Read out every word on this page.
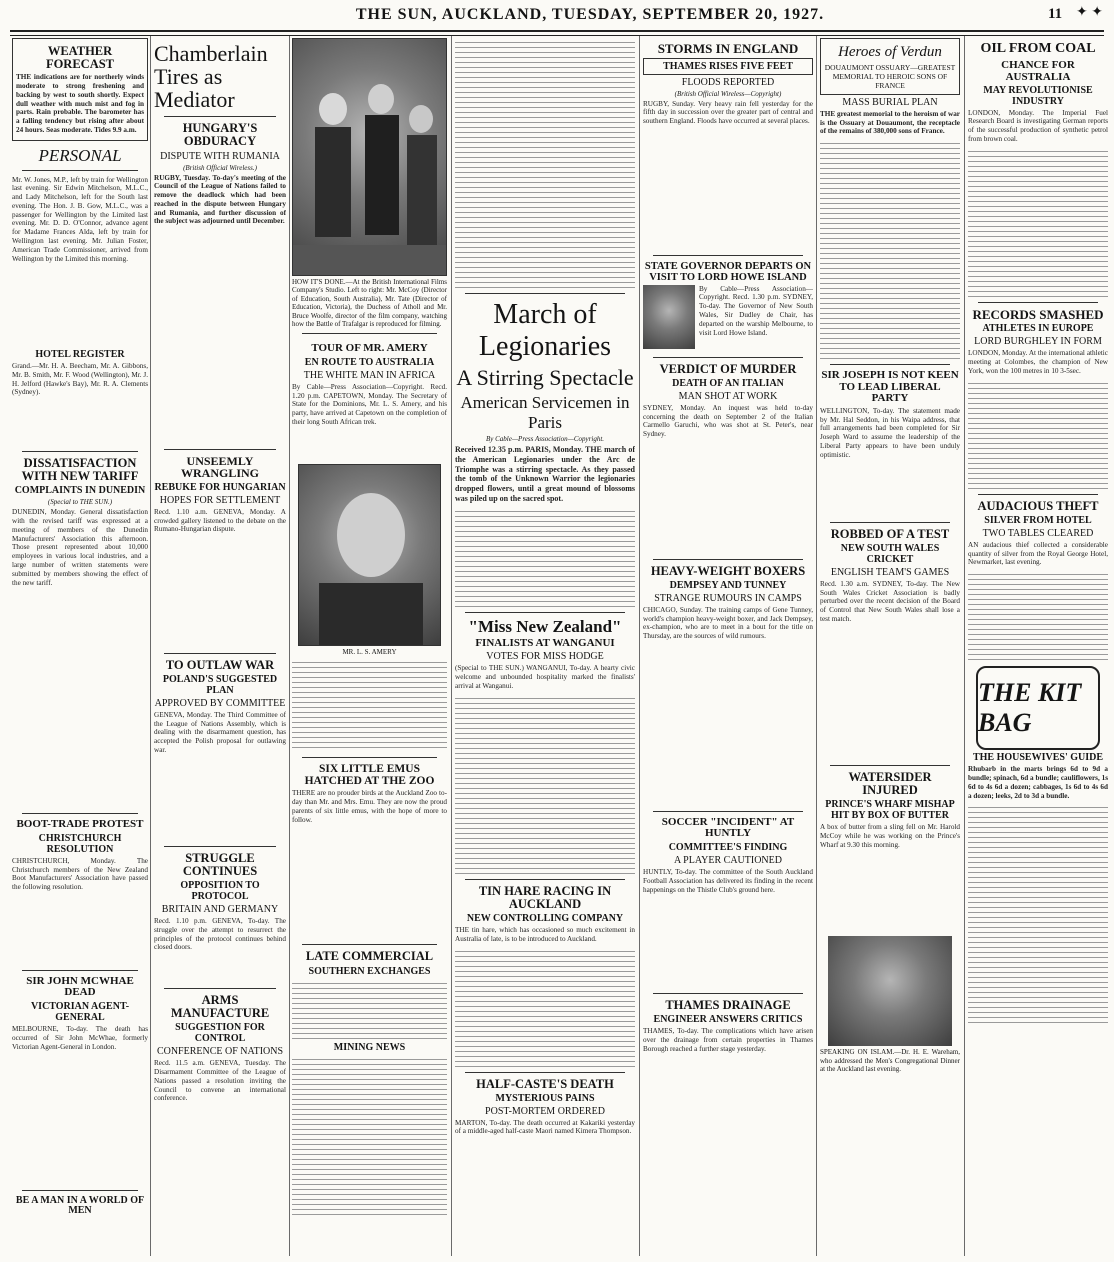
THE SUN, AUCKLAND, TUESDAY, SEPTEMBER 20, 1927.	11 ✦ ✦
WEATHER FORECAST
THE indications are for northerly winds moderate to strong freshening and backing by west to south shortly. Expect dull weather with much mist and fog in parts. Rain probable. The barometer has a falling tendency but rising after about 24 hours. Seas moderate. Tides 9.9 a.m.
PERSONAL
Mr. W. Jones, M.P., left by train for Wellington last evening. Sir Edwin Mitchelson, M.L.C., and Lady Mitchelson, left for the South last evening. The Hon. J. B. Gow, M.L.C., was a passenger for Wellington by the Limited last evening. Mr. D. D. O'Connor, advance agent for Madame Frances Alda, left by train for Wellington last evening. Mr. Julian Foster, American Trade Commissioner, arrived from Wellington by the Limited this morning.
HOTEL REGISTER
Grand.—Mr. H. A. Beecham, Mr. A. Gibbons, Mr. B. Smith, Mr. F. Wood (Wellington), Mr. J. H. Jelford (Hawke's Bay), Mr. R. A. Clements (Sydney).
DISSATISFACTION WITH NEW TARIFF
COMPLAINTS IN DUNEDIN
(Special to THE SUN.)
DUNEDIN, Monday. General dissatisfaction with the revised tariff was expressed at a meeting of members of the Dunedin Manufacturers' Association this afternoon. Those present represented about 10,000 employees in various local industries, and a large number of written statements were submitted by members showing the effect of the new tariff.
BOOT-TRADE PROTEST
CHRISTCHURCH RESOLUTION
CHRISTCHURCH, Monday. The Christchurch members of the New Zealand Boot Manufacturers' Association have passed the following resolution.
SIR JOHN MCWHAE DEAD
VICTORIAN AGENT-GENERAL
MELBOURNE, To-day. The death has occurred of Sir John McWhae, formerly Victorian Agent-General in London.
BE A MAN IN A WORLD OF MEN
Chamberlain Tires as Mediator
HUNGARY'S OBDURACY
DISPUTE WITH RUMANIA
(British Official Wireless.)
RUGBY, Tuesday. To-day's meeting of the Council of the League of Nations failed to remove the deadlock which had been reached in the dispute between Hungary and Rumania, and further discussion of the subject was adjourned until December.
UNSEEMLY WRANGLING
REBUKE FOR HUNGARIAN
HOPES FOR SETTLEMENT
Recd. 1.10 a.m. GENEVA, Monday. A crowded gallery listened to the debate on the Rumano-Hungarian dispute.
TO OUTLAW WAR
POLAND'S SUGGESTED PLAN
APPROVED BY COMMITTEE
GENEVA, Monday. The Third Committee of the League of Nations Assembly, which is dealing with the disarmament question, has accepted the Polish proposal for outlawing war.
STRUGGLE CONTINUES
OPPOSITION TO PROTOCOL
BRITAIN AND GERMANY
Recd. 1.10 p.m. GENEVA, To-day. The struggle over the attempt to resurrect the principles of the protocol continues behind closed doors.
ARMS MANUFACTURE
SUGGESTION FOR CONTROL
CONFERENCE OF NATIONS
Recd. 11.5 a.m. GENEVA, Tuesday. The Disarmament Committee of the League of Nations passed a resolution inviting the Council to convene an international conference.
HOW IT'S DONE.—At the British International Films Company's Studio. Left to right: Mr. McCoy (Director of Education, South Australia), Mr. Tate (Director of Education, Victoria), the Duchess of Atholl and Mr. Bruce Woolfe, director of the film company, watching how the Battle of Trafalgar is reproduced for filming.
TOUR OF MR. AMERY
EN ROUTE TO AUSTRALIA
THE WHITE MAN IN AFRICA
By Cable—Press Association—Copyright. Recd. 1.20 p.m. CAPETOWN, Monday. The Secretary of State for the Dominions, Mr. L. S. Amery, and his party, have arrived at Capetown on the completion of their long South African trek.
MR. L. S. AMERY
SIX LITTLE EMUS HATCHED AT THE ZOO
THERE are no prouder birds at the Auckland Zoo to-day than Mr. and Mrs. Emu. They are now the proud parents of six little emus, with the hope of more to follow.
LATE COMMERCIAL
SOUTHERN EXCHANGES
MINING NEWS
March of Legionaries
A Stirring Spectacle
American Servicemen in Paris
By Cable—Press Association—Copyright.
Received 12.35 p.m. PARIS, Monday. THE march of the American Legionaries under the Arc de Triomphe was a stirring spectacle. As they passed the tomb of the Unknown Warrior the legionaries dropped flowers, until a great mound of blossoms was piled up on the sacred spot.
"Miss New Zealand"
FINALISTS AT WANGANUI
VOTES FOR MISS HODGE
(Special to THE SUN.) WANGANUI, To-day. A hearty civic welcome and unbounded hospitality marked the finalists' arrival at Wanganui.
TIN HARE RACING IN AUCKLAND
NEW CONTROLLING COMPANY
THE tin hare, which has occasioned so much excitement in Australia of late, is to be introduced to Auckland.
HALF-CASTE'S DEATH
MYSTERIOUS PAINS
POST-MORTEM ORDERED
MARTON, To-day. The death occurred at Kakariki yesterday of a middle-aged half-caste Maori named Kimera Thompson.
STORMS IN ENGLAND
THAMES RISES FIVE FEET
FLOODS REPORTED
(British Official Wireless—Copyright)
RUGBY, Sunday. Very heavy rain fell yesterday for the fifth day in succession over the greater part of central and southern England. Floods have occurred at several places.
STATE GOVERNOR DEPARTS ON VISIT TO LORD HOWE ISLAND
By Cable—Press Association—Copyright. Recd. 1.30 p.m. SYDNEY, To-day. The Governor of New South Wales, Sir Dudley de Chair, has departed on the warship Melbourne, to visit Lord Howe Island.
VERDICT OF MURDER
DEATH OF AN ITALIAN
MAN SHOT AT WORK
SYDNEY, Monday. An inquest was held to-day concerning the death on September 2 of the Italian Carmello Garuchi, who was shot at St. Peter's, near Sydney.
HEAVY-WEIGHT BOXERS
DEMPSEY AND TUNNEY
STRANGE RUMOURS IN CAMPS
CHICAGO, Sunday. The training camps of Gene Tunney, world's champion heavy-weight boxer, and Jack Dempsey, ex-champion, who are to meet in a bout for the title on Thursday, are the sources of wild rumours.
SOCCER "INCIDENT" AT HUNTLY
COMMITTEE'S FINDING
A PLAYER CAUTIONED
HUNTLY, To-day. The committee of the South Auckland Football Association has delivered its finding in the recent happenings on the Thistle Club's ground here.
THAMES DRAINAGE
ENGINEER ANSWERS CRITICS
THAMES, To-day. The complications which have arisen over the drainage from certain properties in Thames Borough reached a further stage yesterday.
Heroes of Verdun
DOUAUMONT OSSUARY—GREATEST MEMORIAL TO HEROIC SONS OF FRANCE
MASS BURIAL PLAN
THE greatest memorial to the heroism of war is the Ossuary at Douaumont, the receptacle of the remains of 380,000 sons of France.
SIR JOSEPH IS NOT KEEN TO LEAD LIBERAL PARTY
WELLINGTON, To-day. The statement made by Mr. Hal Seddon, in his Waipa address, that full arrangements had been completed for Sir Joseph Ward to assume the leadership of the Liberal Party appears to have been unduly optimistic.
ROBBED OF A TEST
NEW SOUTH WALES CRICKET
ENGLISH TEAM'S GAMES
Recd. 1.30 a.m. SYDNEY, To-day. The New South Wales Cricket Association is badly perturbed over the recent decision of the Board of Control that New South Wales shall lose a test match.
WATERSIDER INJURED
PRINCE'S WHARF MISHAP HIT BY BOX OF BUTTER
A box of butter from a sling fell on Mr. Harold McCoy while he was working on the Prince's Wharf at 9.30 this morning.
SPEAKING ON ISLAM.—Dr. H. E. Wareham, who addressed the Men's Congregational Dinner at the Auckland last evening.
OIL FROM COAL
CHANCE FOR AUSTRALIA
MAY REVOLUTIONISE INDUSTRY
LONDON, Monday. The Imperial Fuel Research Board is investigating German reports of the successful production of synthetic petrol from brown coal.
RECORDS SMASHED
ATHLETES IN EUROPE
LORD BURGHLEY IN FORM
LONDON, Monday. At the international athletic meeting at Colombes, the champion of New York, won the 100 metres in 10 3-5sec.
AUDACIOUS THEFT
SILVER FROM HOTEL
TWO TABLES CLEARED
AN audacious thief collected a considerable quantity of silver from the Royal George Hotel, Newmarket, last evening.
THE KIT BAG
THE HOUSEWIVES' GUIDE
Rhubarb in the marts brings 6d to 9d a bundle; spinach, 6d a bundle; cauliflowers, 1s 6d to 4s 6d a dozen; cabbages, 1s 6d to 4s 6d a dozen; leeks, 2d to 3d a bundle.
